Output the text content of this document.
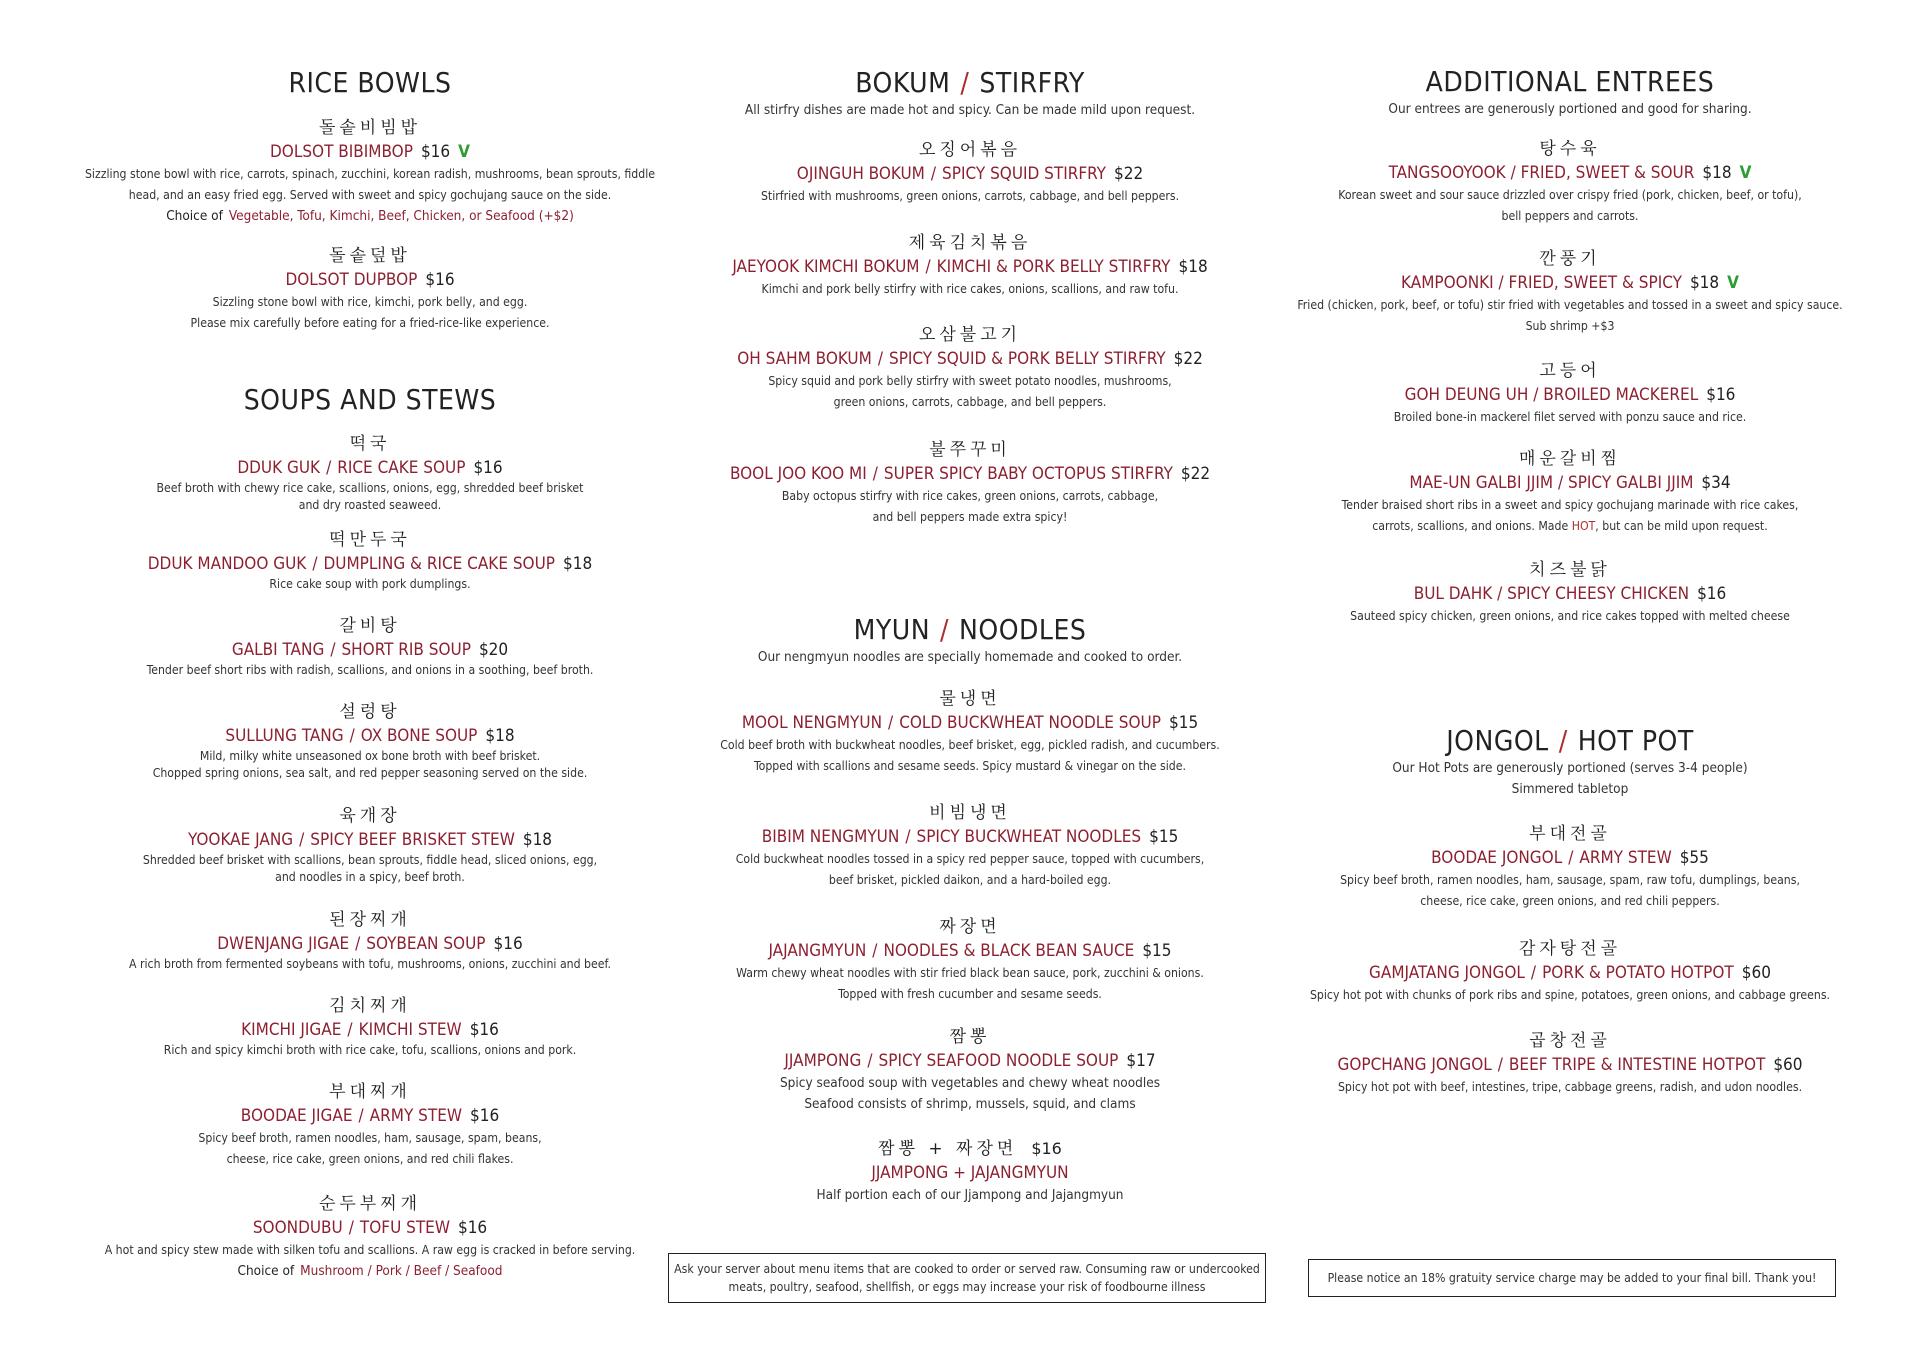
RICE BOWLS
돌솥비빔밥
DOLSOT BIBIMBOP $16 V
Sizzling stone bowl with rice, carrots, spinach, zucchini, korean radish, mushrooms, bean sprouts, fiddle
head, and an easy fried egg. Served with sweet and spicy gochujang sauce on the side.
Choice of Vegetable, Tofu, Kimchi, Beef, Chicken, or Seafood (+$2)
돌솥덮밥
DOLSOT DUPBOP $16
Sizzling stone bowl with rice, kimchi, pork belly, and egg.
Please mix carefully before eating for a fried-rice-like experience.
SOUPS AND STEWS
떡국
DDUK GUK / RICE CAKE SOUP $16
Beef broth with chewy rice cake, scallions, onions, egg, shredded beef brisket
and dry roasted seaweed.
떡만두국
DDUK MANDOO GUK / DUMPLING & RICE CAKE SOUP $18
Rice cake soup with pork dumplings.
갈비탕
GALBI TANG / SHORT RIB SOUP $20
Tender beef short ribs with radish, scallions, and onions in a soothing, beef broth.
설렁탕
SULLUNG TANG / OX BONE SOUP $18
Mild, milky white unseasoned ox bone broth with beef brisket.
Chopped spring onions, sea salt, and red pepper seasoning served on the side.
육개장
YOOKAE JANG / SPICY BEEF BRISKET STEW $18
Shredded beef brisket with scallions, bean sprouts, fiddle head, sliced onions, egg,
and noodles in a spicy, beef broth.
된장찌개
DWENJANG JIGAE / SOYBEAN SOUP $16
A rich broth from fermented soybeans with tofu, mushrooms, onions, zucchini and beef.
김치찌개
KIMCHI JIGAE / KIMCHI STEW $16
Rich and spicy kimchi broth with rice cake, tofu, scallions, onions and pork.
부대찌개
BOODAE JIGAE / ARMY STEW $16
Spicy beef broth, ramen noodles, ham, sausage, spam, beans,
cheese, rice cake, green onions, and red chili flakes.
순두부찌개
SOONDUBU / TOFU STEW $16
A hot and spicy stew made with silken tofu and scallions. A raw egg is cracked in before serving.
Choice of Mushroom / Pork / Beef / Seafood
BOKUM / STIRFRY
All stirfry dishes are made hot and spicy. Can be made mild upon request.
오징어볶음
OJINGUH BOKUM / SPICY SQUID STIRFRY $22
Stirfried with mushrooms, green onions, carrots, cabbage, and bell peppers.
제육김치볶음
JAEYOOK KIMCHI BOKUM / KIMCHI & PORK BELLY STIRFRY $18
Kimchi and pork belly stirfry with rice cakes, onions, scallions, and raw tofu.
오삼불고기
OH SAHM BOKUM / SPICY SQUID & PORK BELLY STIRFRY $22
Spicy squid and pork belly stirfry with sweet potato noodles, mushrooms,
green onions, carrots, cabbage, and bell peppers.
불쭈꾸미
BOOL JOO KOO MI / SUPER SPICY BABY OCTOPUS STIRFRY $22
Baby octopus stirfry with rice cakes, green onions, carrots, cabbage,
and bell peppers made extra spicy!
MYUN / NOODLES
Our nengmyun noodles are specially homemade and cooked to order.
물냉면
MOOL NENGMYUN / COLD BUCKWHEAT NOODLE SOUP $15
Cold beef broth with buckwheat noodles, beef brisket, egg, pickled radish, and cucumbers.
Topped with scallions and sesame seeds. Spicy mustard & vinegar on the side.
비빔냉면
BIBIM NENGMYUN / SPICY BUCKWHEAT NOODLES $15
Cold buckwheat noodles tossed in a spicy red pepper sauce, topped with cucumbers,
beef brisket, pickled daikon, and a hard-boiled egg.
짜장면
JAJANGMYUN / NOODLES & BLACK BEAN SAUCE $15
Warm chewy wheat noodles with stir fried black bean sauce, pork, zucchini & onions.
Topped with fresh cucumber and sesame seeds.
짬뽕
JJAMPONG / SPICY SEAFOOD NOODLE SOUP $17
Spicy seafood soup with vegetables and chewy wheat noodles
Seafood consists of shrimp, mussels, squid, and clams
짬뽕 + 짜장면 $16
JJAMPONG + JAJANGMYUN
Half portion each of our Jjampong and Jajangmyun
Ask your server about menu items that are cooked to order or served raw. Consuming raw or undercooked
meats, poultry, seafood, shellfish, or eggs may increase your risk of foodbourne illness
ADDITIONAL ENTREES
Our entrees are generously portioned and good for sharing.
탕수육
TANGSOOYOOK / FRIED, SWEET & SOUR $18 V
Korean sweet and sour sauce drizzled over crispy fried (pork, chicken, beef, or tofu),
bell peppers and carrots.
깐풍기
KAMPOONKI / FRIED, SWEET & SPICY $18 V
Fried (chicken, pork, beef, or tofu) stir fried with vegetables and tossed in a sweet and spicy sauce.
Sub shrimp +$3
고등어
GOH DEUNG UH / BROILED MACKEREL $16
Broiled bone-in mackerel filet served with ponzu sauce and rice.
매운갈비찜
MAE-UN GALBI JJIM / SPICY GALBI JJIM $34
Tender braised short ribs in a sweet and spicy gochujang marinade with rice cakes,
carrots, scallions, and onions. Made HOT, but can be mild upon request.
치즈불닭
BUL DAHK / SPICY CHEESY CHICKEN $16
Sauteed spicy chicken, green onions, and rice cakes topped with melted cheese
JONGOL / HOT POT
Our Hot Pots are generously portioned (serves 3-4 people)
Simmered tabletop
부대전골
BOODAE JONGOL / ARMY STEW $55
Spicy beef broth, ramen noodles, ham, sausage, spam, raw tofu, dumplings, beans,
cheese, rice cake, green onions, and red chili peppers.
감자탕전골
GAMJATANG JONGOL / PORK & POTATO HOTPOT $60
Spicy hot pot with chunks of pork ribs and spine, potatoes, green onions, and cabbage greens.
곱창전골
GOPCHANG JONGOL / BEEF TRIPE & INTESTINE HOTPOT $60
Spicy hot pot with beef, intestines, tripe, cabbage greens, radish, and udon noodles.
Please notice an 18% gratuity service charge may be added to your final bill. Thank you!
